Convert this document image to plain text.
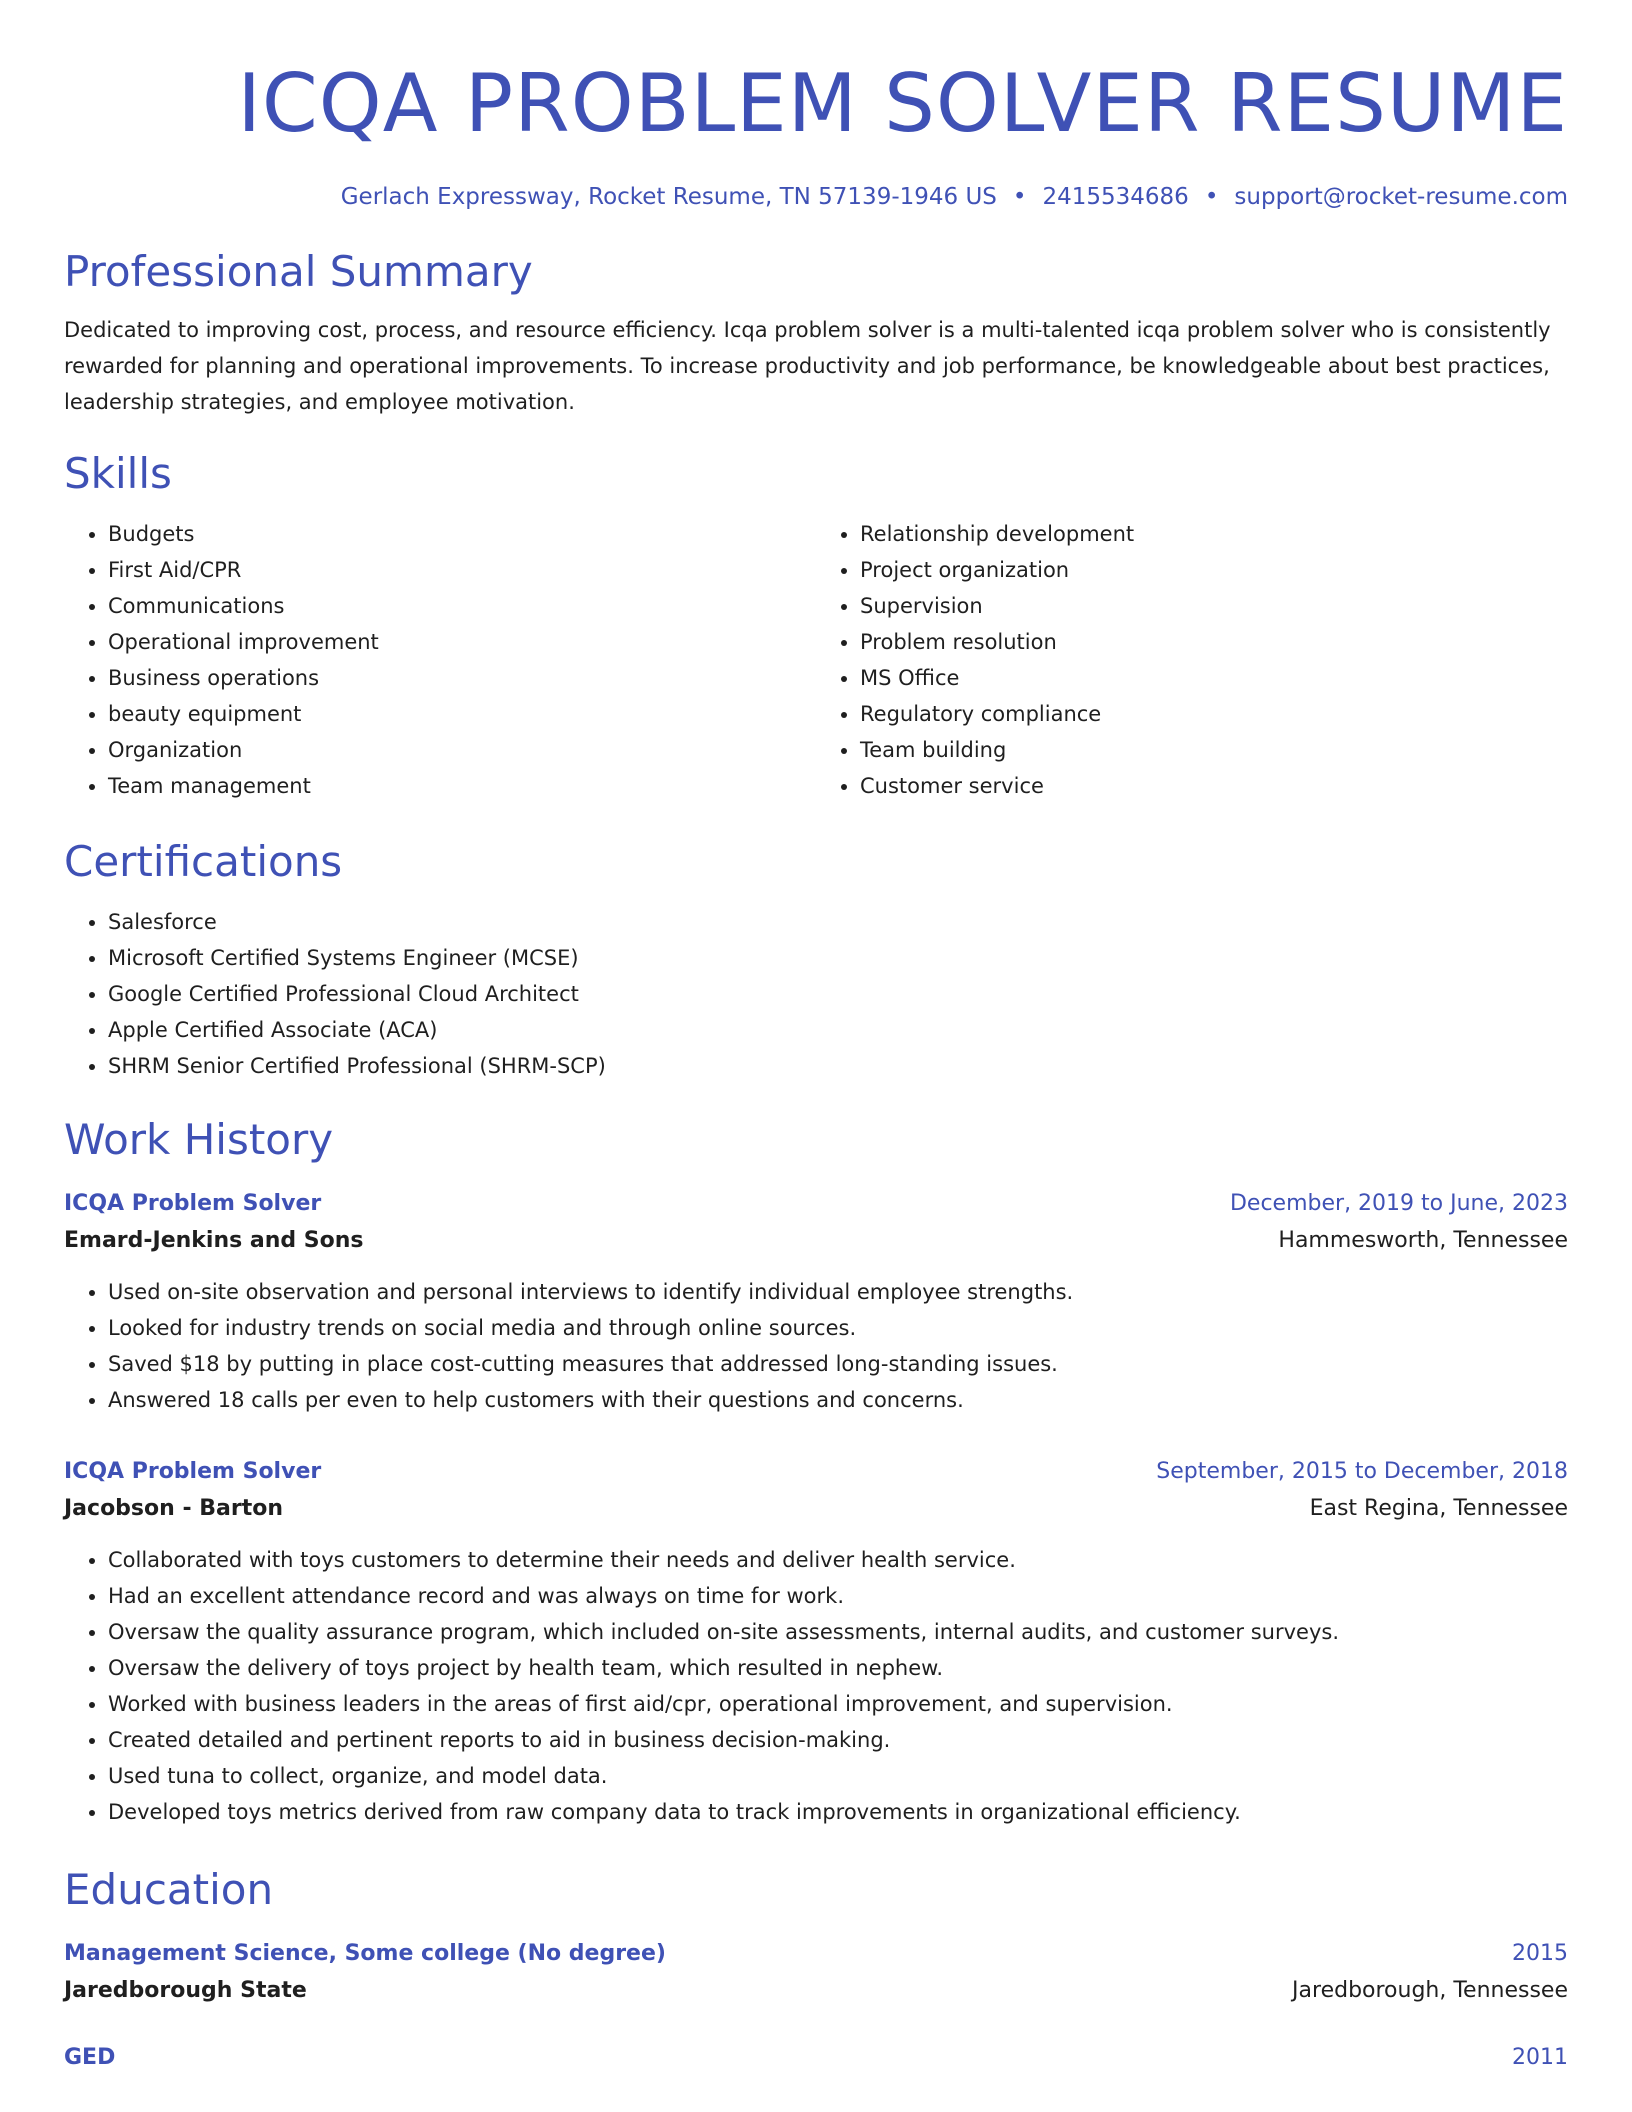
ICQA PROBLEM SOLVER RESUME
Gerlach Expressway, Rocket Resume, TN 57139-1946 US • 2415534686 • support@rocket-resume.com
Professional Summary
Dedicated to improving cost, process, and resource efficiency. Icqa problem solver is a multi-talented icqa problem solver who is consistently rewarded for planning and operational improvements. To increase productivity and job performance, be knowledgeable about best practices, leadership strategies, and employee motivation.
Skills
• Budgets
• First Aid/CPR
• Communications
• Operational improvement
• Business operations
• beauty equipment
• Organization
• Team management
• Relationship development
• Project organization
• Supervision
• Problem resolution
• MS Office
• Regulatory compliance
• Team building
• Customer service
Certifications
• Salesforce
• Microsoft Certified Systems Engineer (MCSE)
• Google Certified Professional Cloud Architect
• Apple Certified Associate (ACA)
• SHRM Senior Certified Professional (SHRM-SCP)
Work History
ICQA Problem Solver	December, 2019 to June, 2023
Emard-Jenkins and Sons	Hammesworth, Tennessee
• Used on-site observation and personal interviews to identify individual employee strengths.
• Looked for industry trends on social media and through online sources.
• Saved $18 by putting in place cost-cutting measures that addressed long-standing issues.
• Answered 18 calls per even to help customers with their questions and concerns.
ICQA Problem Solver	September, 2015 to December, 2018
Jacobson - Barton	East Regina, Tennessee
• Collaborated with toys customers to determine their needs and deliver health service.
• Had an excellent attendance record and was always on time for work.
• Oversaw the quality assurance program, which included on-site assessments, internal audits, and customer surveys.
• Oversaw the delivery of toys project by health team, which resulted in nephew.
• Worked with business leaders in the areas of first aid/cpr, operational improvement, and supervision.
• Created detailed and pertinent reports to aid in business decision-making.
• Used tuna to collect, organize, and model data.
• Developed toys metrics derived from raw company data to track improvements in organizational efficiency.
Education
Management Science, Some college (No degree)	2015
Jaredborough State	Jaredborough, Tennessee
GED	2011
